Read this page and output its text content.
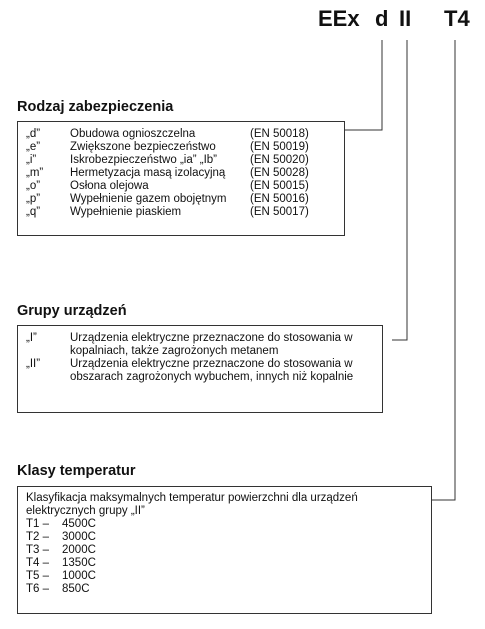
EEx d II T4
Rodzaj zabezpieczenia
„d”	Obudowa ognioszczelna	(EN 50018)
„e”	Zwiększone bezpieczeństwo	(EN 50019)
„i”	Iskrobezpieczeństwo „ia” „Ib”	(EN 50020)
„m” Hermetyzacja masą izolacyjną (EN 50028)
„o”	Osłona olejowa	(EN 50015)
„p”	Wypełnienie gazem obojętnym (EN 50016)
„q”	Wypełnienie piaskiem	(EN 50017)
Grupy urządzeń
„I”	Urządzenia elektryczne przeznaczone do stosowania w kopalniach, także zagrożonych metanem
„II”	Urządzenia elektryczne przeznaczone do stosowania w obszarach zagrożonych wybuchem, innych niż kopalnie
Klasy temperatur
Klasyfikacja maksymalnych temperatur powierzchni dla urządzeń elektrycznych grupy „II”
T1 – 4500C
T2 – 3000C
T3 – 2000C
T4 – 1350C
T5 – 1000C
T6 – 850C
